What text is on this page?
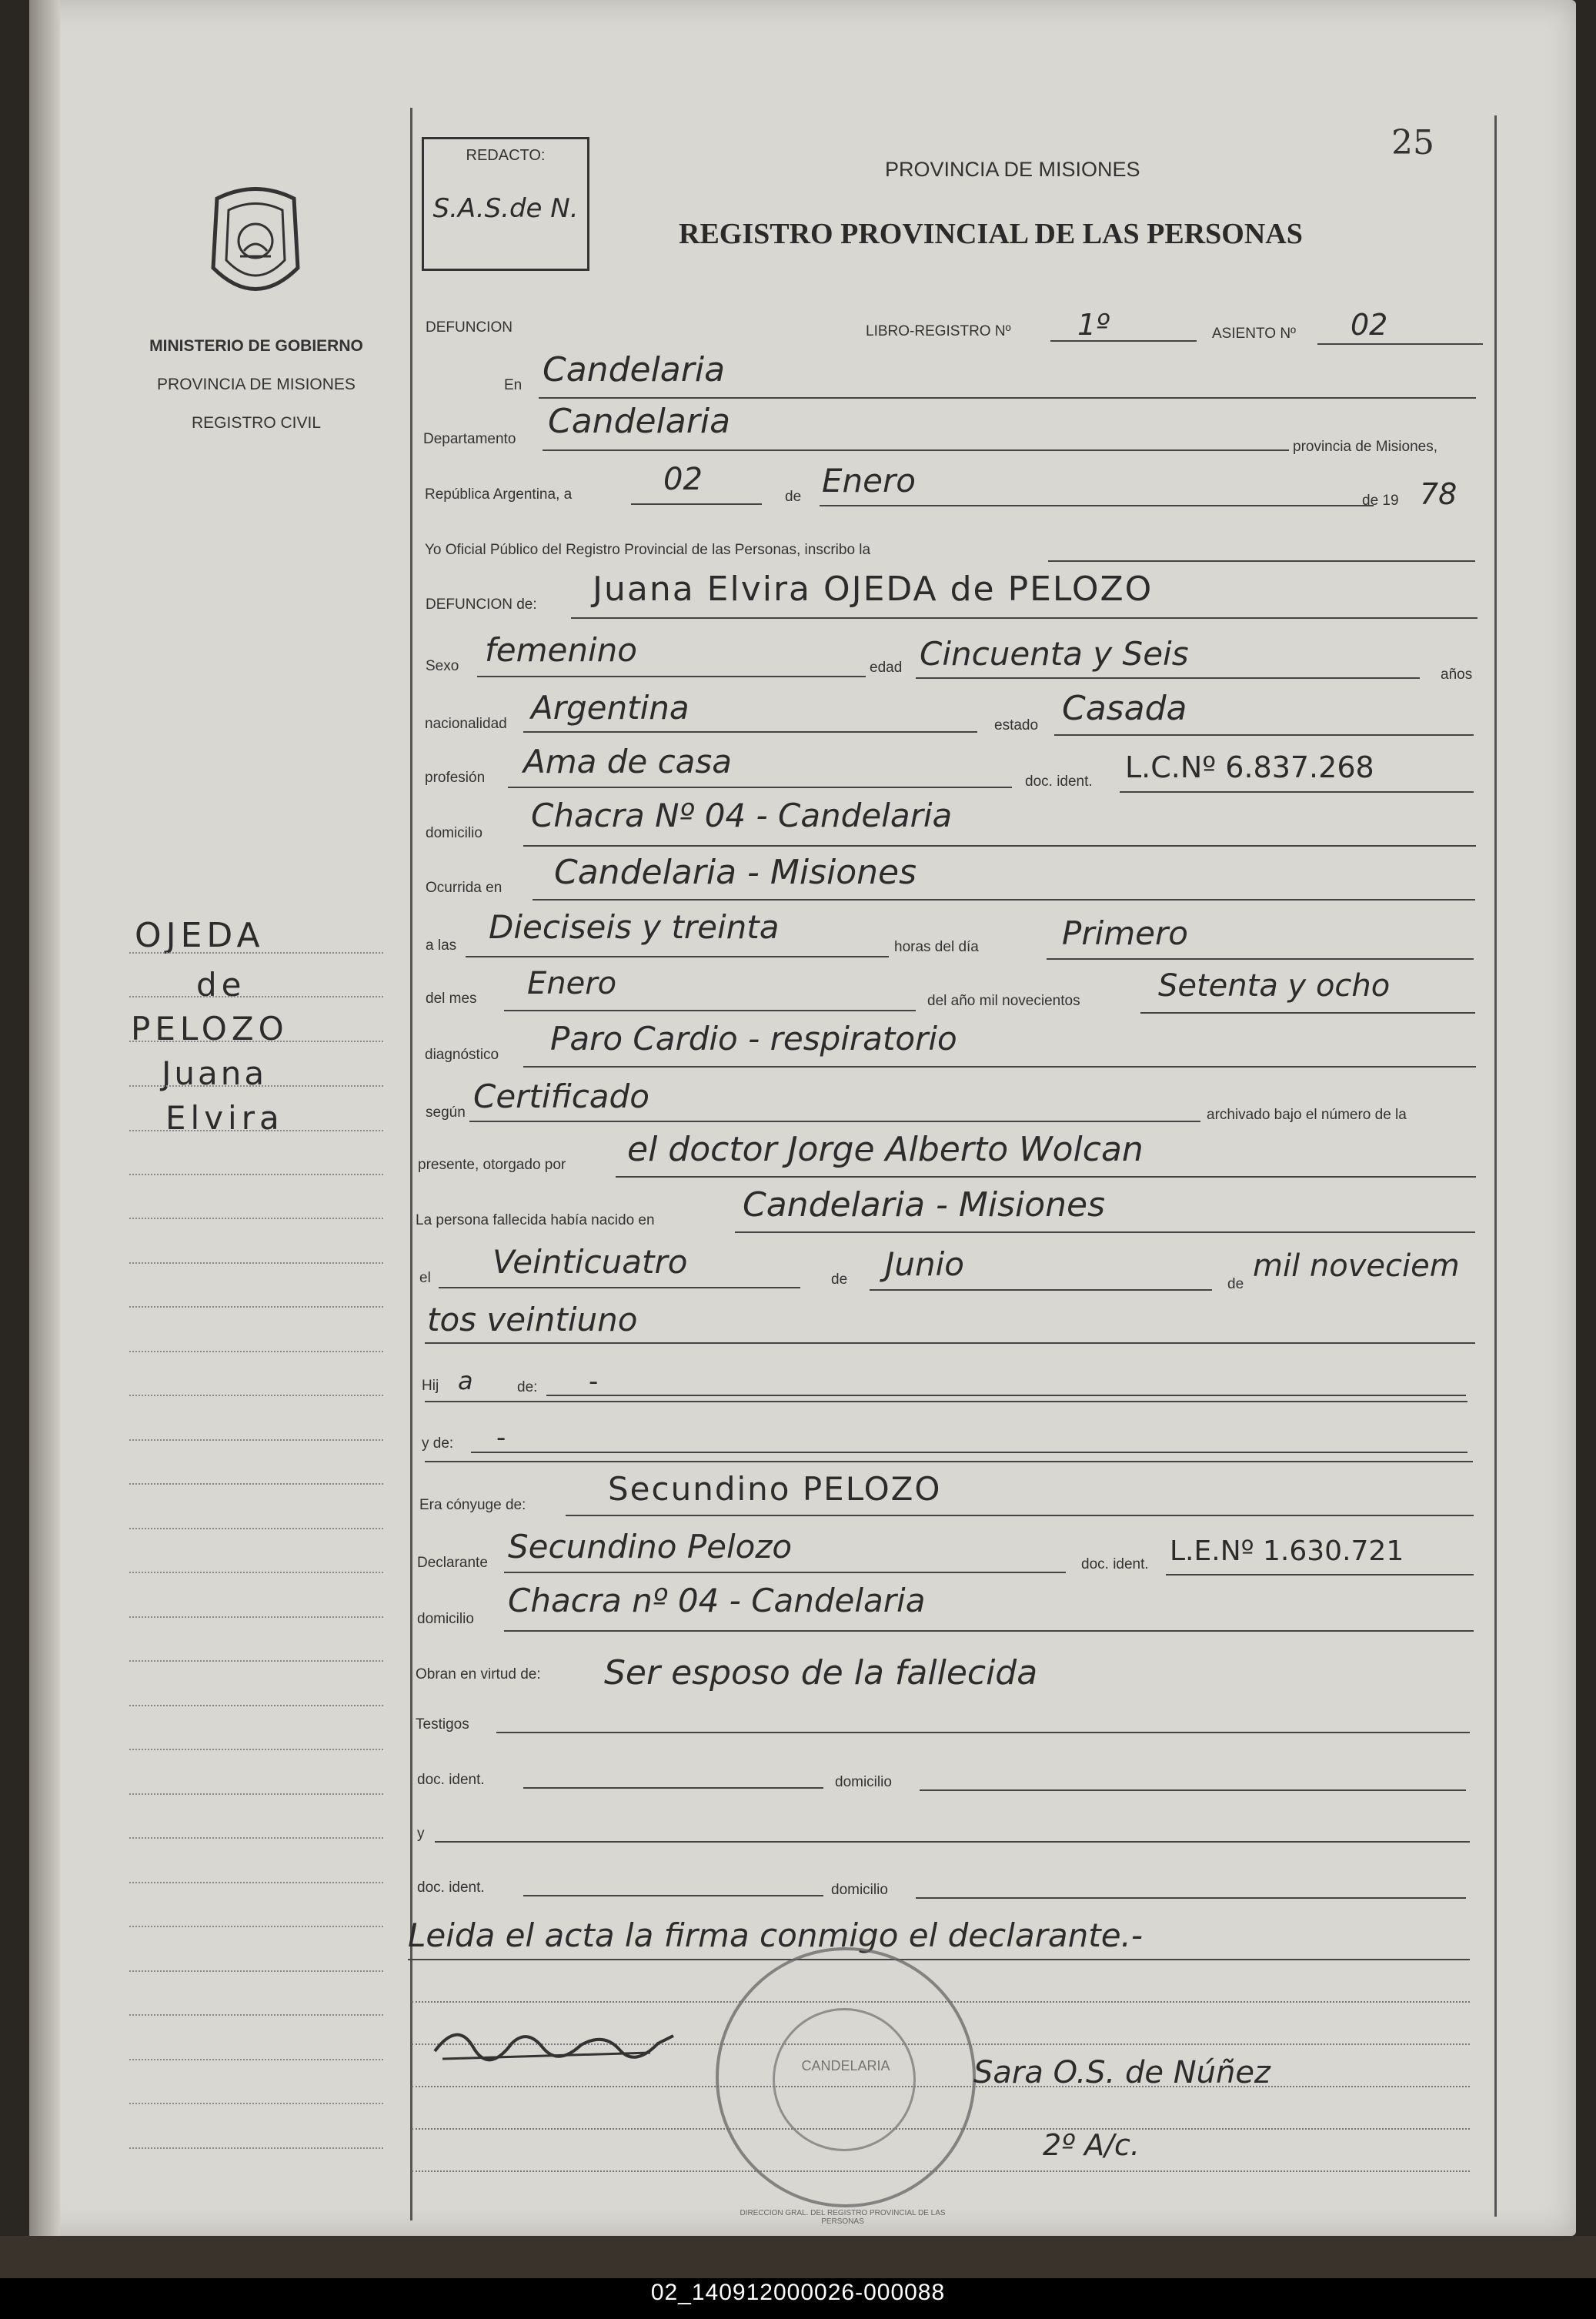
25
REDACTO:
S.A.S.de N.
MINISTERIO DE GOBIERNO
PROVINCIA DE MISIONES
REGISTRO CIVIL
PROVINCIA DE MISIONES
REGISTRO PROVINCIAL DE LAS PERSONAS
OJEDA
de
PELOZO
Juana
Elvira
DEFUNCION	LIBRO-REGISTRO Nº 1º	ASIENTO Nº 02
En Candelaria
Departamento Candelaria
provincia de Misiones,
República Argentina, a	02	de Enero
de 19 78
Yo Oficial Público del Registro Provincial de las Personas, inscribo la
DEFUNCION de: Juana Elvira OJEDA de PELOZO
Sexo femenino	edad Cincuenta y Seis
años
nacionalidad Argentina	estado Casada
profesión Ama de casa
doc. ident. L.C.Nº 6.837.268
domicilio Chacra Nº 04 - Candelaria
Ocurrida en Candelaria - Misiones
a las Dieciseis y treinta
horas del día	Primero
del mes Enero	del año mil novecientos	Setenta y ocho
diagnóstico Paro Cardio - respiratorio
según Certificado	archivado bajo el número de la
presente, otorgado por el doctor Jorge Alberto Wolcan
La persona fallecida había nacido en	Candelaria - Misiones
el Veinticuatro	de Junio
de
mil noveciem
tos veintiuno
Hij a	de: -
y de: -
Era cónyuge de:	Secundino PELOZO
Declarante Secundino Pelozo	doc. ident. L.E.Nº 1.630.721
domicilio Chacra nº 04 - Candelaria
Obran en virtud de: Ser esposo de la fallecida
Testigos
doc. ident.	domicilio
y
doc. ident.	domicilio
Leida el acta la firma conmigo el declarante.-
CANDELARIA
DIRECCION GRAL. DEL REGISTRO PROVINCIAL DE LAS PERSONAS
Sara O.S. de Núñez
2º A/c.
02_140912000026-000088
